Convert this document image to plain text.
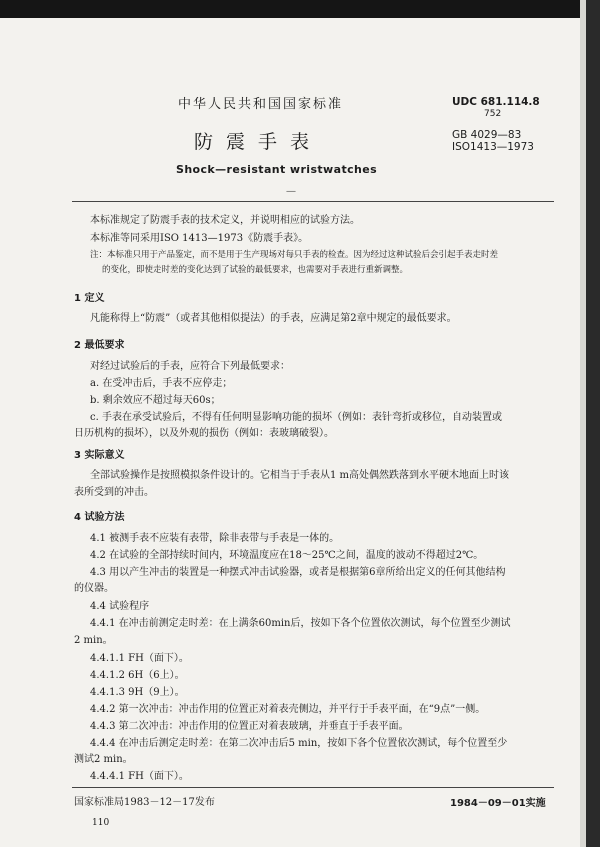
中华人民共和国国家标准
防震手表
Shock—resistant wristwatches
—
UDC 681.114.8
752
GB 4029—83
ISO1413—1973
本标准规定了防震手表的技术定义，并说明相应的试验方法。
本标准等同采用ISO 1413—1973《防震手表》。
注：本标准只用于产品鉴定，而不是用于生产现场对每只手表的检查。因为经过这种试验后会引起手表走时差
的变化，即使走时差的变化达到了试验的最低要求，也需要对手表进行重新调整。
1 定义
凡能称得上“防震”（或者其他相似提法）的手表，应满足第2章中规定的最低要求。
2 最低要求
对经过试验后的手表，应符合下列最低要求：
a. 在受冲击后，手表不应停走；
b. 剩余效应不超过每天60s；
c. 手表在承受试验后，不得有任何明显影响功能的损坏（例如：表针弯折或移位，自动装置或
日历机构的损坏），以及外观的损伤（例如：表玻璃破裂）。
3 实际意义
全部试验操作是按照模拟条件设计的。它相当于手表从1 m高处偶然跌落到水平硬木地面上时该
表所受到的冲击。
4 试验方法
4.1 被测手表不应装有表带，除非表带与手表是一体的。
4.2 在试验的全部持续时间内，环境温度应在18～25℃之间，温度的波动不得超过2℃。
4.3 用以产生冲击的装置是一种摆式冲击试验器，或者是根据第6章所给出定义的任何其他结构
的仪器。
4.4 试验程序
4.4.1 在冲击前测定走时差：在上满条60min后，按如下各个位置依次测试，每个位置至少测试
2 min。
4.4.1.1 FH（面下）。
4.4.1.2 6H（6上）。
4.4.1.3 9H（9上）。
4.4.2 第一次冲击：冲击作用的位置正对着表壳侧边，并平行于手表平面，在“9点”一侧。
4.4.3 第二次冲击：冲击作用的位置正对着表玻璃，并垂直于手表平面。
4.4.4 在冲击后测定走时差：在第二次冲击后5 min，按如下各个位置依次测试，每个位置至少
测试2 min。
4.4.4.1 FH（面下）。
国家标准局1983－12－17发布	1984－09－01实施
110
